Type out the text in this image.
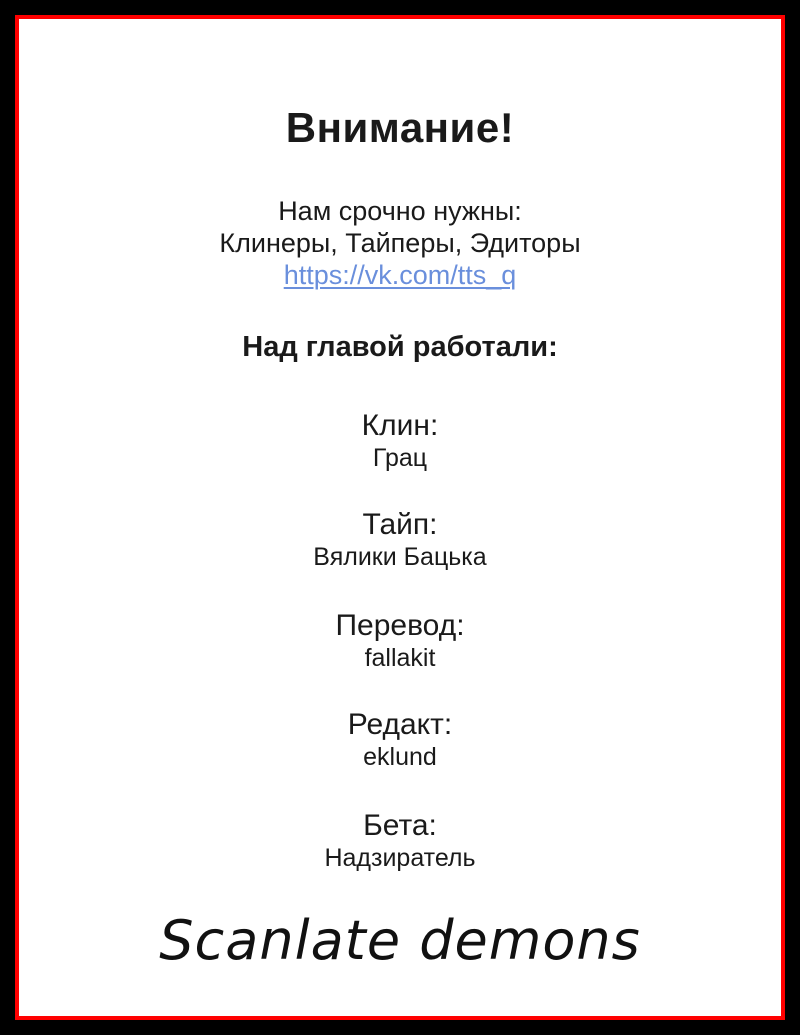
Внимание!
Нам срочно нужны:
Клинеры, Тайперы, Эдиторы
https://vk.com/tts_q
Над главой работали:
Клин:
Грац
Тайп:
Вялики Бацька
Перевод:
fallakit
Редакт:
eklund
Бета:
Надзиратель
Scanlate demons
